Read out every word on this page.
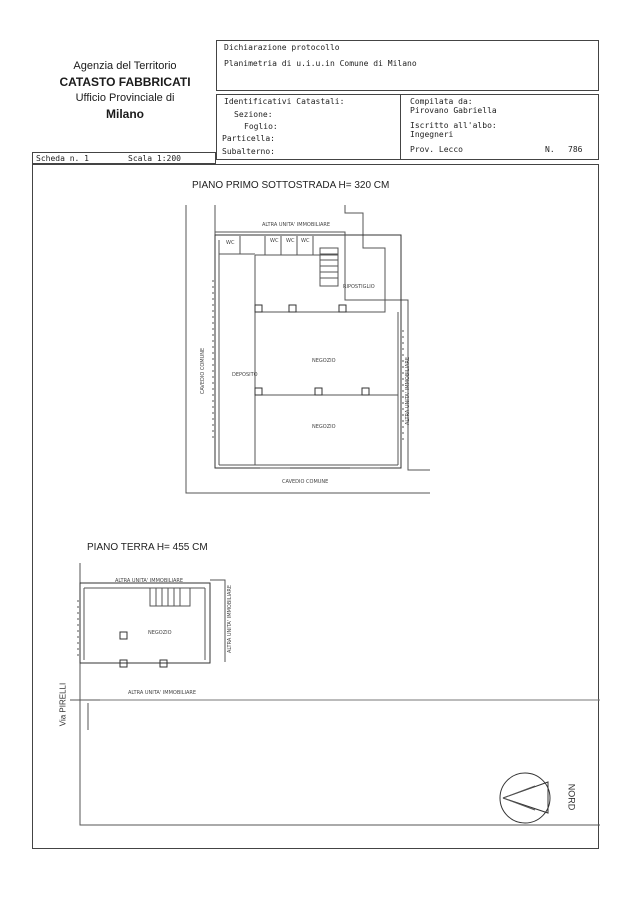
Agenzia del Territorio
CATASTO FABBRICATI
Ufficio Provinciale di
Milano
Dichiarazione protocollo
Planimetria di u.i.u.in Comune di Milano
Identificativi Catastali:
Sezione:
Foglio:
Particella:
Subalterno:
Compilata da:
Pirovano Gabriella
Iscritto all'albo:
Ingegneri
Prov. Lecco	N. 786
Scheda n. 1	Scala 1:200
PIANO PRIMO SOTTOSTRADA H= 320 CM
ALTRA UNITA' IMMOBILIARE
WC	WC WC WC
RIPOSTIGLIO
NEGOZIO
NEGOZIO
DEPOSITO
CAVEDIO COMUNE	ALTRA UNITA' IMMOBILIARE
CAVEDIO COMUNE
PIANO TERRA H= 455 CM
ALTRA UNITA' IMMOBILIARE
NEGOZIO	ALTRA UNITA' IMMOBILIARE
ALTRA UNITA' IMMOBILIARE
Via PIRELLI
NORD
